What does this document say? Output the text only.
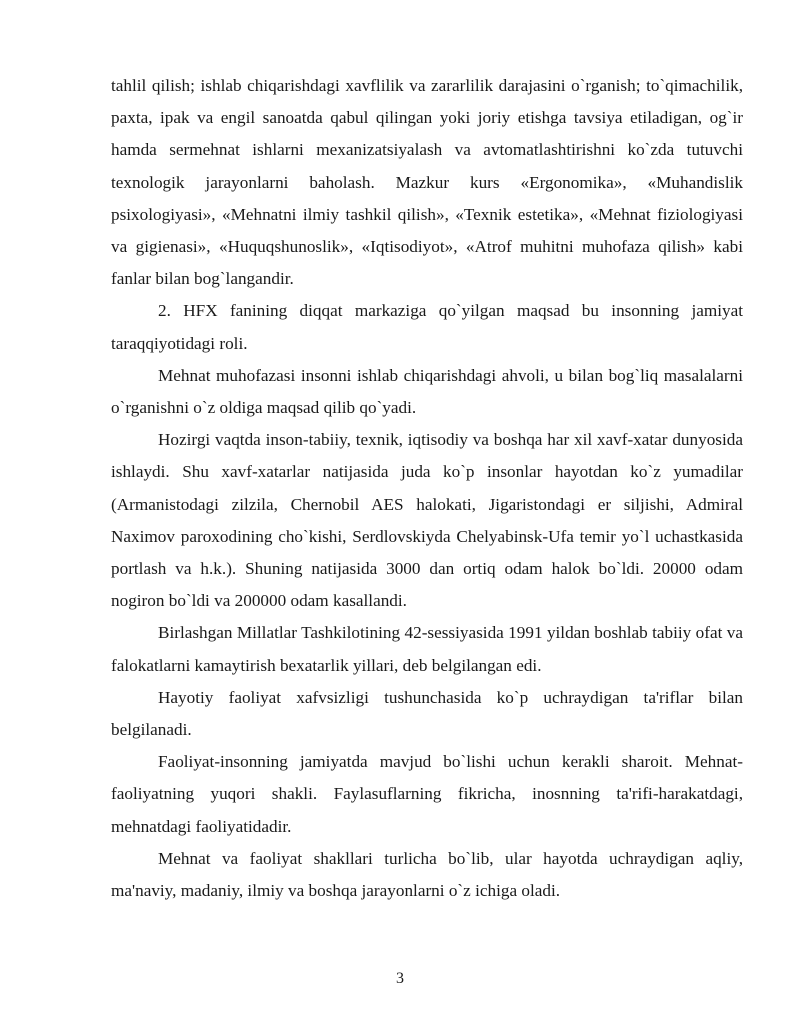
tahlil qilish; ishlab chiqarishdagi xavflilik va zararlilik darajasini o`rganish; to`qimachilik, paxta, ipak va engil sanoatda qabul qilingan yoki joriy etishga tavsiya etiladigan, og`ir hamda sermehnat ishlarni mexanizatsiyalash va avtomatlashtirishni ko`zda tutuvchi texnologik jarayonlarni baholash. Mazkur kurs «Ergonomika», «Muhandislik psixologiyasi», «Mehnatni ilmiy tashkil qilish», «Texnik estetika», «Mehnat fiziologiyasi va gigienasi», «Huquqshunoslik», «Iqtisodiyot», «Atrof muhitni muhofaza qilish» kabi fanlar bilan bog`langandir.

2. HFX fanining diqqat markaziga qo`yilgan maqsad bu insonning jamiyat taraqqiyotidagi roli.

Mehnat muhofazasi insonni ishlab chiqarishdagi ahvoli, u bilan bog`liq masalalarni o`rganishni o`z oldiga maqsad qilib qo`yadi.

Hozirgi vaqtda inson-tabiiy, texnik, iqtisodiy va boshqa har xil xavf-xatar dunyosida ishlaydi. Shu xavf-xatarlar natijasida juda ko`p insonlar hayotdan ko`z yumadilar (Armanistodagi zilzila, Chernobil AES halokati, Jigaristondagi er siljishi, Admiral Naximov paroxodining cho`kishi, Serdlovskiyda Chelyabinsk-Ufa temir yo`l uchastkasida portlash va h.k.). Shuning natijasida 3000 dan ortiq odam halok bo`ldi. 20000 odam nogiron bo`ldi va 200000 odam kasallandi.

Birlashgan Millatlar Tashkilotining 42-sessiyasida 1991 yildan boshlab tabiiy ofat va falokatlarni kamaytirish bexatarlik yillari, deb belgilangan edi.

Hayotiy faoliyat xafvsizligi tushunchasida ko`p uchraydigan ta'riflar bilan belgilanadi.

Faoliyat-insonning jamiyatda mavjud bo`lishi uchun kerakli sharoit. Mehnat-faoliyatning yuqori shakli. Faylasuflarning fikricha, inosnning ta'rifi-harakatdagi, mehnatdagi faoliyatidadir.

Mehnat va faoliyat shakllari turlicha bo`lib, ular hayotda uchraydigan aqliy, ma'naviy, madaniy, ilmiy va boshqa jarayonlarni o`z ichiga oladi.

3
